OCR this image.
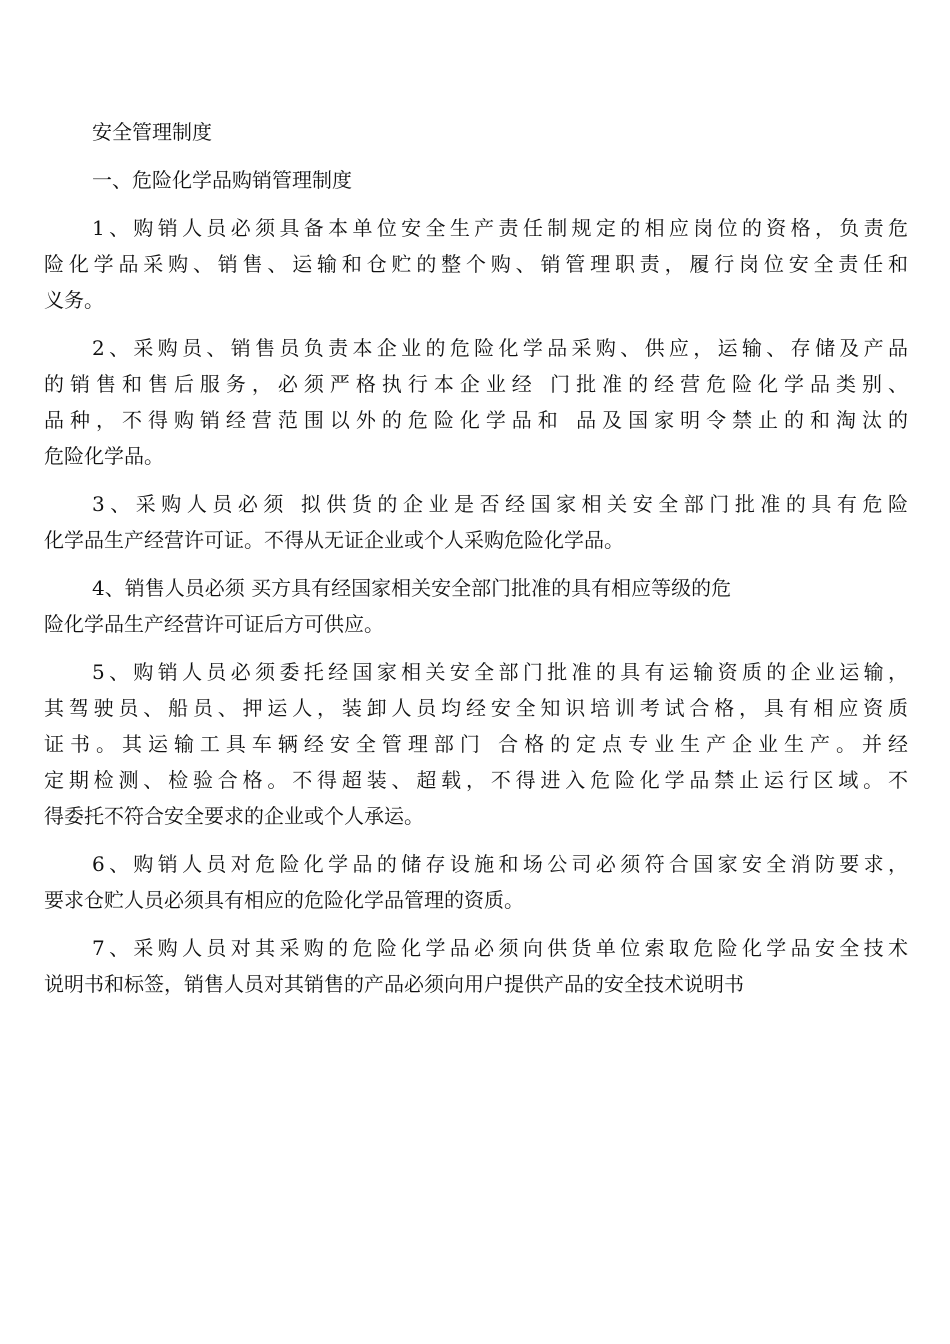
安全管理制度
一、危险化学品购销管理制度
1、购销人员必须具备本单位安全生产责任制规定的相应岗位的资格，负责危
险化学品采购、销售、运输和仓贮的整个购、销管理职责，履行岗位安全责任和
义务。
2、采购员、销售员负责本企业的危险化学品采购、供应，运输、存储及产品
的销售和售后服务，必须严格执行本企业经 门批准的经营危险化学品类别、
品种，不得购销经营范围以外的危险化学品和 品及国家明令禁止的和淘汰的
危险化学品。
3、采购人员必须 拟供货的企业是否经国家相关安全部门批准的具有危险
化学品生产经营许可证。不得从无证企业或个人采购危险化学品。
4、销售人员必须 买方具有经国家相关安全部门批准的具有相应等级的危
险化学品生产经营许可证后方可供应。
5、购销人员必须委托经国家相关安全部门批准的具有运输资质的企业运输，
其驾驶员、船员、押运人，装卸人员均经安全知识培训考试合格，具有相应资质
证书。其运输工具车辆经安全管理部门 合格的定点专业生产企业生产。并经
定期检测、检验合格。不得超装、超载，不得进入危险化学品禁止运行区域。不
得委托不符合安全要求的企业或个人承运。
6、购销人员对危险化学品的储存设施和场公司必须符合国家安全消防要求，
要求仓贮人员必须具有相应的危险化学品管理的资质。
7、采购人员对其采购的危险化学品必须向供货单位索取危险化学品安全技术
说明书和标签，销售人员对其销售的产品必须向用户提供产品的安全技术说明书
